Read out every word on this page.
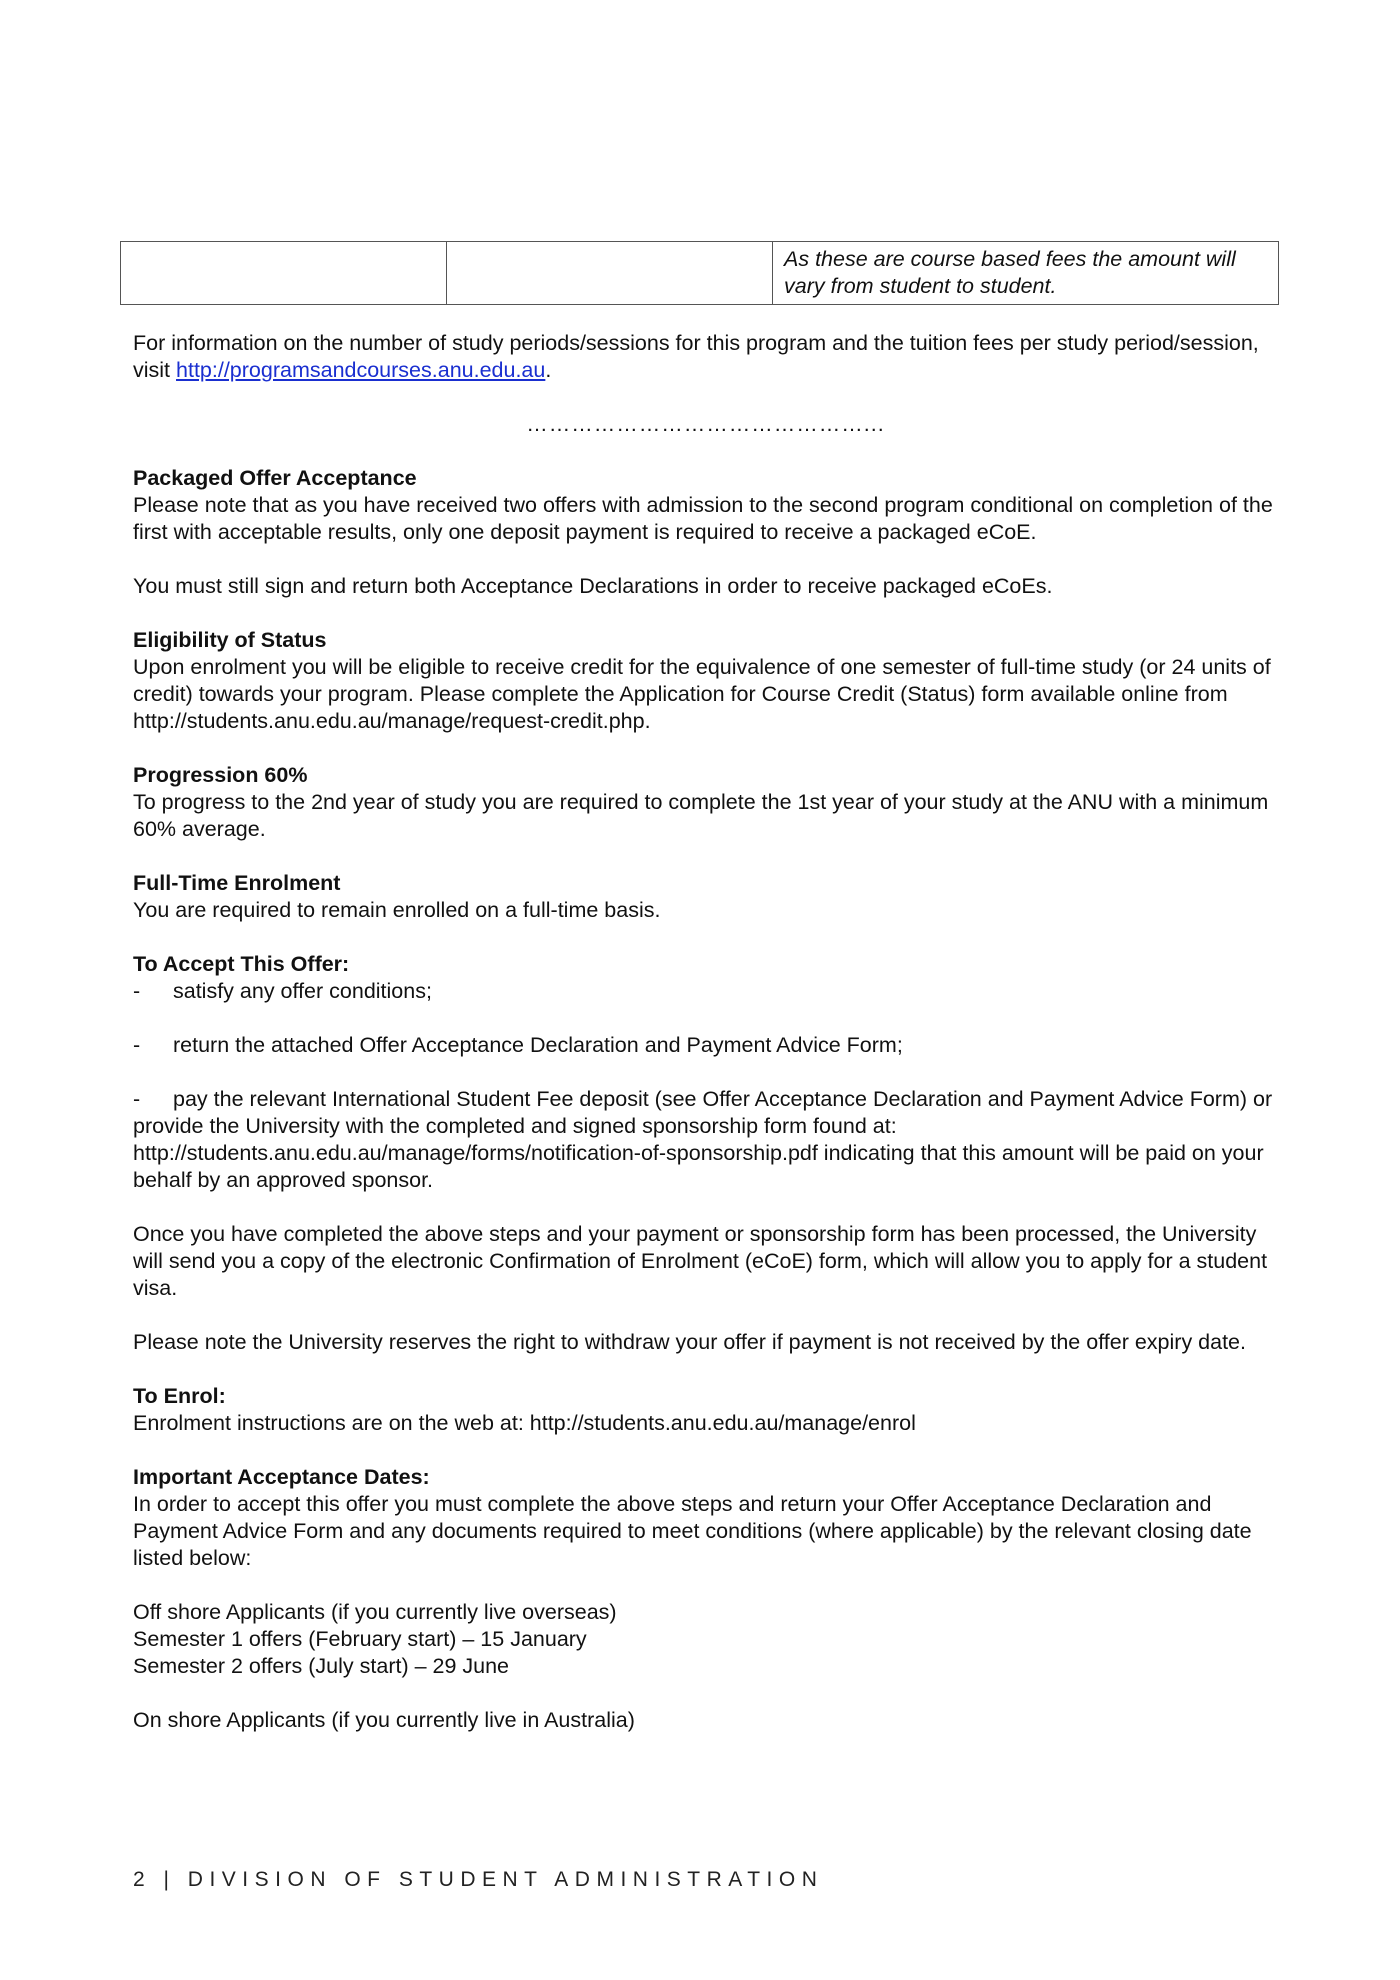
		As these are course based fees the amount will vary from student to student.

For information on the number of study periods/sessions for this program and the tuition fees per study period/session, visit http://programsandcourses.anu.edu.au.

………………………………………...
Packaged Offer Acceptance

Please note that as you have received two offers with admission to the second program conditional on completion of the first with acceptable results, only one deposit payment is required to receive a packaged eCoE.

You must still sign and return both Acceptance Declarations in order to receive packaged eCoEs.

Eligibility of Status
Upon enrolment you will be eligible to receive credit for the equivalence of one semester of full-time study (or 24 units of credit) towards your program. Please complete the Application for Course Credit (Status) form available online from http://students.anu.edu.au/manage/request-credit.php.
Progression 60%
To progress to the 2nd year of study you are required to complete the 1st year of your study at the ANU with a minimum 60% average.
Full-Time Enrolment
You are required to remain enrolled on a full-time basis.
To Accept This Offer:
- satisfy any offer conditions;
- return the attached Offer Acceptance Declaration and Payment Advice Form;
- pay the relevant International Student Fee deposit (see Offer Acceptance Declaration and Payment Advice Form) or provide the University with the completed and signed sponsorship form found at: http://students.anu.edu.au/manage/forms/notification-of-sponsorship.pdf indicating that this amount will be paid on your behalf by an approved sponsor.

Once you have completed the above steps and your payment or sponsorship form has been processed, the University will send you a copy of the electronic Confirmation of Enrolment (eCoE) form, which will allow you to apply for a student visa.

Please note the University reserves the right to withdraw your offer if payment is not received by the offer expiry date.

To Enrol:
Enrolment instructions are on the web at: http://students.anu.edu.au/manage/enrol
Important Acceptance Dates:

In order to accept this offer you must complete the above steps and return your Offer Acceptance Declaration and Payment Advice Form and any documents required to meet conditions (where applicable) by the relevant closing date listed below:

Off shore Applicants (if you currently live overseas)
Semester 1 offers (February start) – 15 January
Semester 2 offers (July start) – 29 June
On shore Applicants (if you currently live in Australia)
2 | DIVISION OF STUDENT ADMINISTRATION
